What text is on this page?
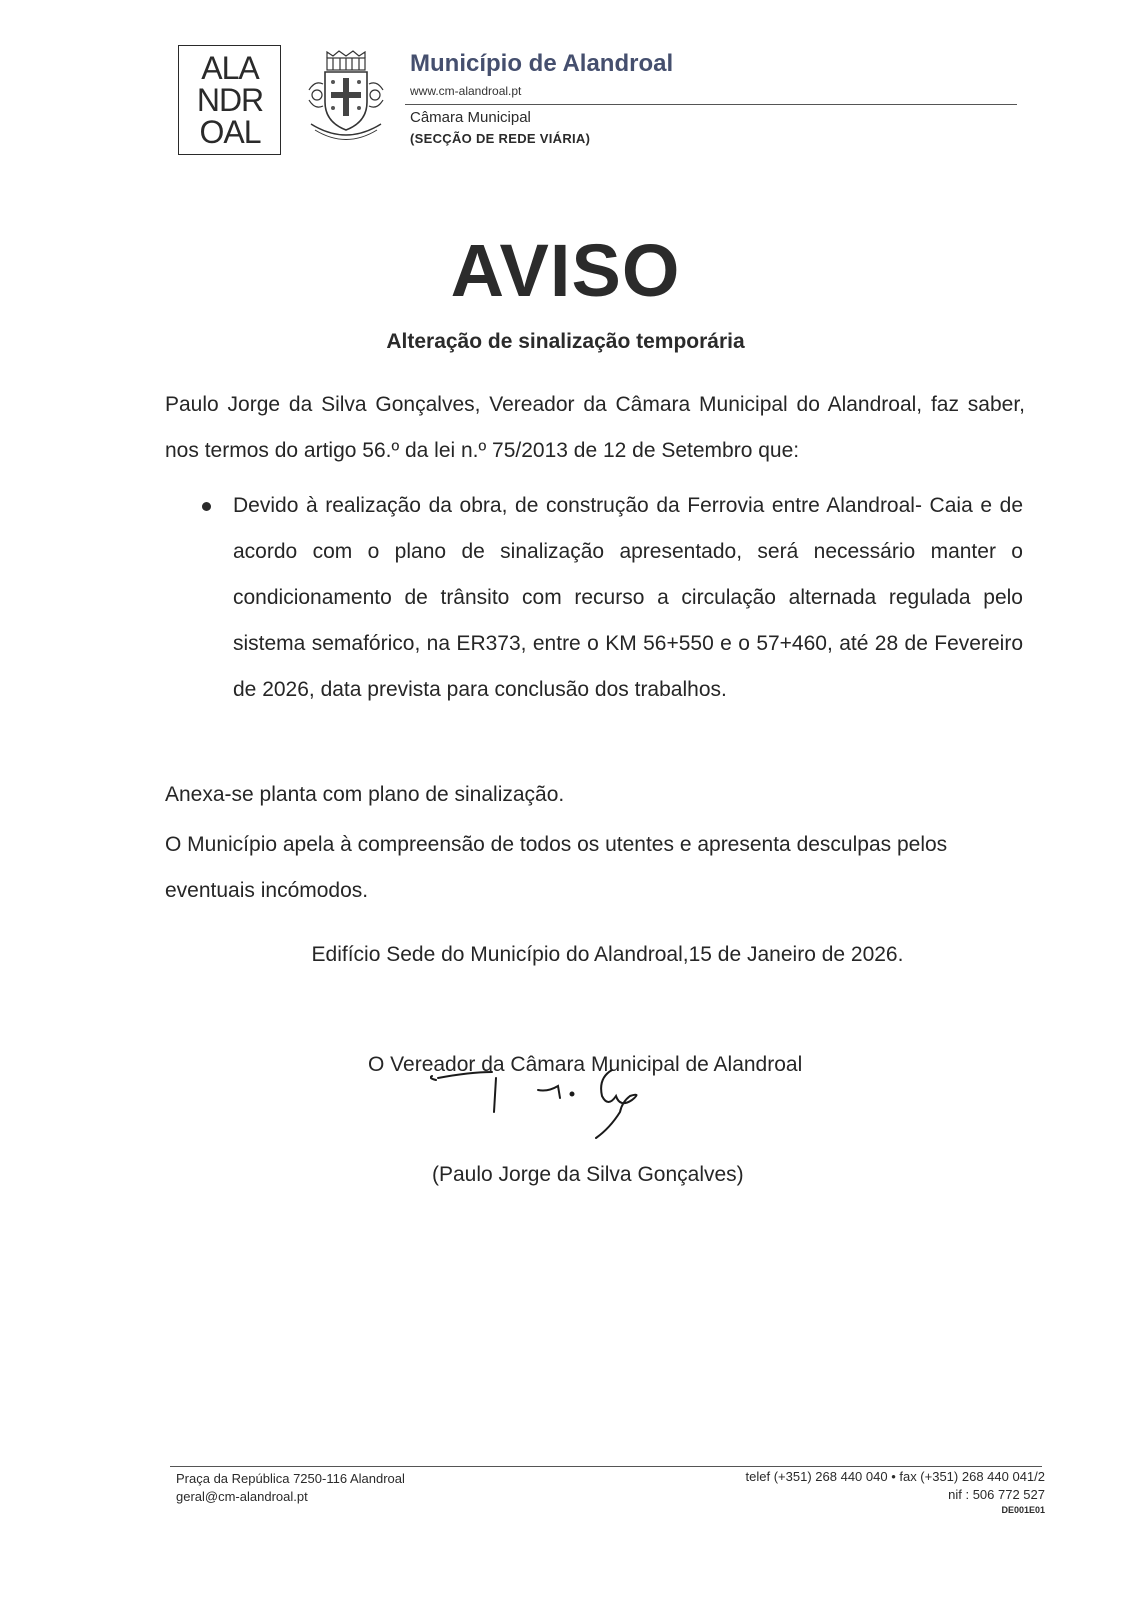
ALA
NDR
OAL
Município de Alandroal
www.cm-alandroal.pt
Câmara Municipal
(SECÇÃO DE REDE VIÁRIA)
AVISO
Alteração de sinalização temporária
Paulo Jorge da Silva Gonçalves, Vereador da Câmara Municipal do Alandroal, faz saber, nos termos do artigo 56.º da lei n.º 75/2013 de 12 de Setembro que:
Devido à realização da obra, de construção da Ferrovia entre Alandroal- Caia e de acordo com o plano de sinalização apresentado, será necessário manter o condicionamento de trânsito com recurso a circulação alternada regulada pelo sistema semafórico, na ER373, entre o KM 56+550 e o 57+460, até 28 de Fevereiro de 2026, data prevista para conclusão dos trabalhos.
Anexa-se planta com plano de sinalização.
O Município apela à compreensão de todos os utentes e apresenta desculpas pelos eventuais incómodos.
Edifício Sede do Município do Alandroal,15 de Janeiro de 2026.
O Vereador da Câmara Municipal de Alandroal
(Paulo Jorge da Silva Gonçalves)
Praça da República 7250-116 Alandroal
geral@cm-alandroal.pt
telef (+351) 268 440 040 • fax (+351) 268 440 041/2
nif : 506 772 527
DE001E01
